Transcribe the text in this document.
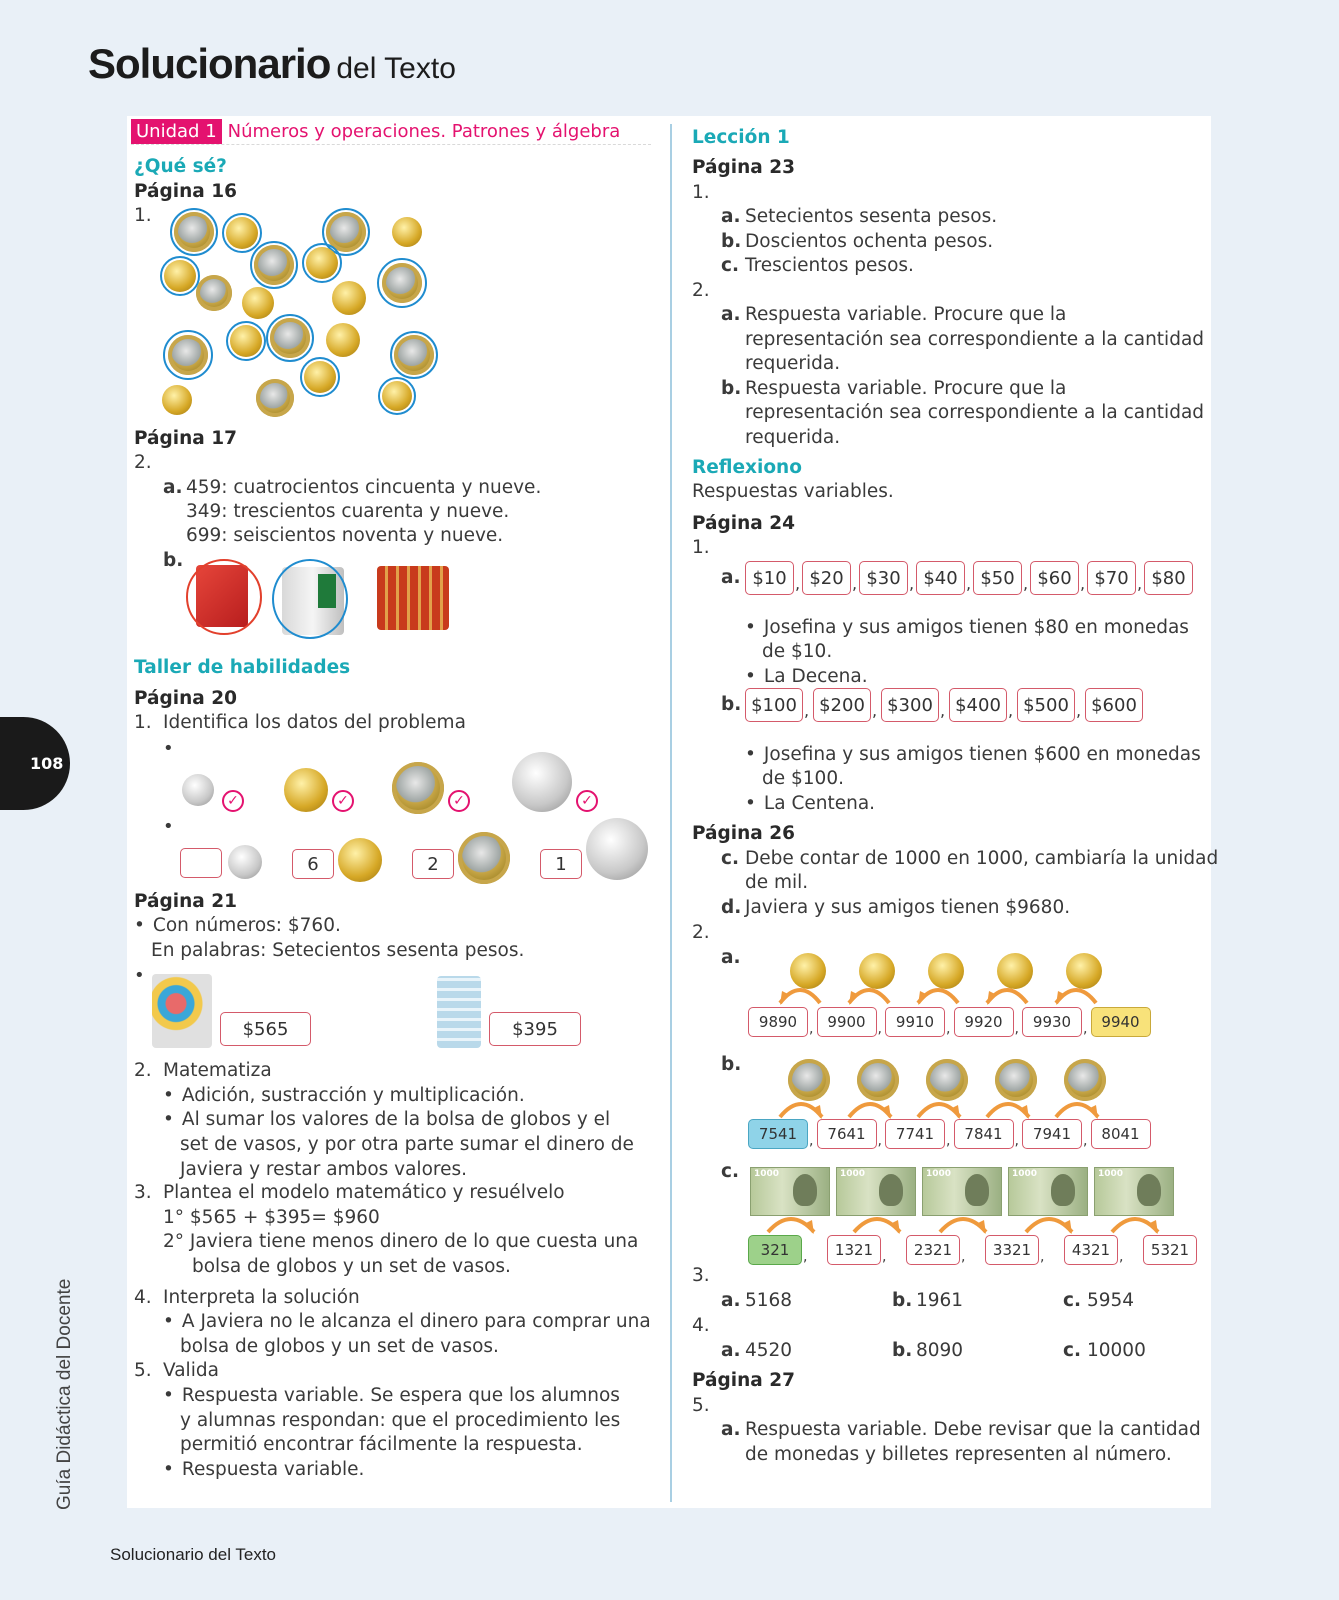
Solucionario del Texto
108
Guía Didáctica del Docente
Solucionario del Texto
Unidad 1 Números y operaciones. Patrones y álgebra
¿Qué sé?
Página 16
1.
Página 17
2.
a. 459: cuatrocientos cincuenta y nueve.
349: trescientos cuarenta y nueve.
699: seiscientos noventa y nueve.
b.
Taller de habilidades
Página 20
1. Identifica los datos del problema
•
✓	✓	✓	✓
•
6	2	1
Página 21
• Con números: $760.
En palabras: Setecientos sesenta pesos.
•
$565	$395
2. Matematiza
• Adición, sustracción y multiplicación.
• Al sumar los valores de la bolsa de globos y el
set de vasos, y por otra parte sumar el dinero de
Javiera y restar ambos valores.
3. Plantea el modelo matemático y resuélvelo
1° $565 + $395= $960
2° Javiera tiene menos dinero de lo que cuesta una
bolsa de globos y un set de vasos.
4. Interpreta la solución
• A Javiera no le alcanza el dinero para comprar una
bolsa de globos y un set de vasos.
5. Valida
• Respuesta variable. Se espera que los alumnos
y alumnas respondan: que el procedimiento les
permitió encontrar fácilmente la respuesta.
• Respuesta variable.
Lección 1
Página 23
1.
a. Setecientos sesenta pesos.
b. Doscientos ochenta pesos.
c. Trescientos pesos.
2.
a. Respuesta variable. Procure que la
representación sea correspondiente a la cantidad
requerida.
b. Respuesta variable. Procure que la
representación sea correspondiente a la cantidad
requerida.
Reflexiono
Respuestas variables.
Página 24
1.
a. $10 , $20 , $30 , $40 , $50 , $60 , $70 , $80
• Josefina y sus amigos tienen $80 en monedas
de $10.
• La Decena.
b. $100 , $200 , $300 , $400 , $500 , $600
• Josefina y sus amigos tienen $600 en monedas
de $100.
• La Centena.
Página 26
c. Debe contar de 1000 en 1000, cambiaría la unidad
de mil.
d. Javiera y sus amigos tienen $9680.
2.
a.
9890 , 9900 , 9910 , 9920 , 9930 , 9940
b.
7541 , 7641 , 7741 , 7841 , 7941 , 8041
c. 1000	1000	1000	1000	1000
321 ,	1321 ,	2321 ,	3321 ,	4321 ,	5321
3.
a. 5168	b. 1961	c. 5954
4.
a. 4520	b. 8090	c. 10000
Página 27
5.
a. Respuesta variable. Debe revisar que la cantidad
de monedas y billetes representen al número.
